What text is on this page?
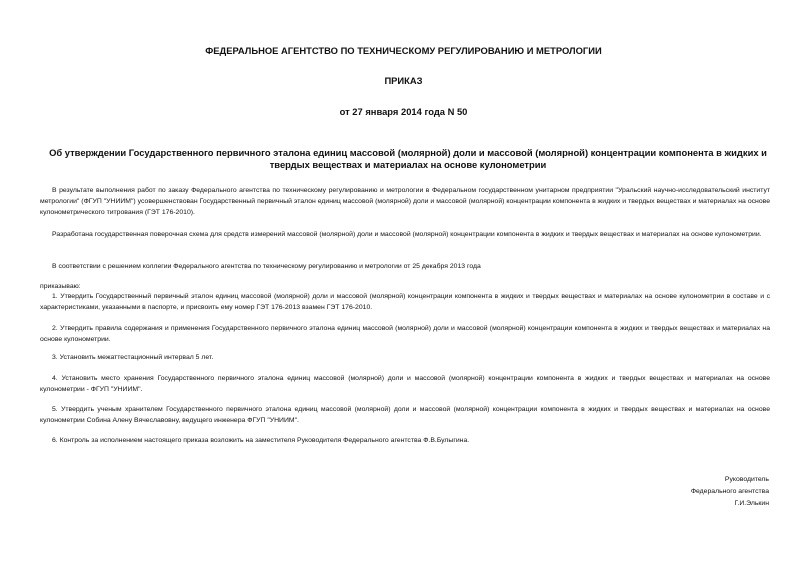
ФЕДЕРАЛЬНОЕ АГЕНТСТВО ПО ТЕХНИЧЕСКОМУ РЕГУЛИРОВАНИЮ И МЕТРОЛОГИИ
ПРИКАЗ
от 27 января 2014 года N 50
Об утверждении Государственного первичного эталона единиц массовой (молярной) доли и массовой (молярной) концентрации компонента в жидких и твердых веществах и материалах на основе кулонометрии

В результате выполнения работ по заказу Федерального агентства по техническому регулированию и метрологии в Федеральном государственном унитарном предприятии "Уральский научно-исследовательский институт метрологии" (ФГУП "УНИИМ") усовершенствован Государственный первичный эталон единиц массовой (молярной) доли и массовой (молярной) концентрации компонента в жидких и твердых веществах и материалах на основе кулонометрического титрования (ГЭТ 176-2010).

Разработана государственная поверочная схема для средств измерений массовой (молярной) доли и массовой (молярной) концентрации компонента в жидких и твердых веществах и материалах на основе кулонометрии.

В соответствии с решением коллегии Федерального агентства по техническому регулированию и метрологии от 25 декабря 2013 года

приказываю:

1. Утвердить Государственный первичный эталон единиц массовой (молярной) доли и массовой (молярной) концентрации компонента в жидких и твердых веществах и материалах на основе кулонометрии в составе и с характеристиками, указанными в паспорте, и присвоить ему номер ГЭТ 176-2013 взамен ГЭТ 176-2010.

2. Утвердить правила содержания и применения Государственного первичного эталона единиц массовой (молярной) доли и массовой (молярной) концентрации компонента в жидких и твердых веществах и материалах на основе кулонометрии.

3. Установить межаттестационный интервал 5 лет.

4. Установить место хранения Государственного первичного эталона единиц массовой (молярной) доли и массовой (молярной) концентрации компонента в жидких и твердых веществах и материалах на основе кулонометрии - ФГУП "УНИИМ".

5. Утвердить ученым хранителем Государственного первичного эталона единиц массовой (молярной) доли и массовой (молярной) концентрации компонента в жидких и твердых веществах и материалах на основе кулонометрии Собина Алену Вячеславовну, ведущего инженера ФГУП "УНИИМ".

6. Контроль за исполнением настоящего приказа возложить на заместителя Руководителя Федерального агентства Ф.В.Булыгина.

Руководитель
Федерального агентства
Г.И.Элькин
